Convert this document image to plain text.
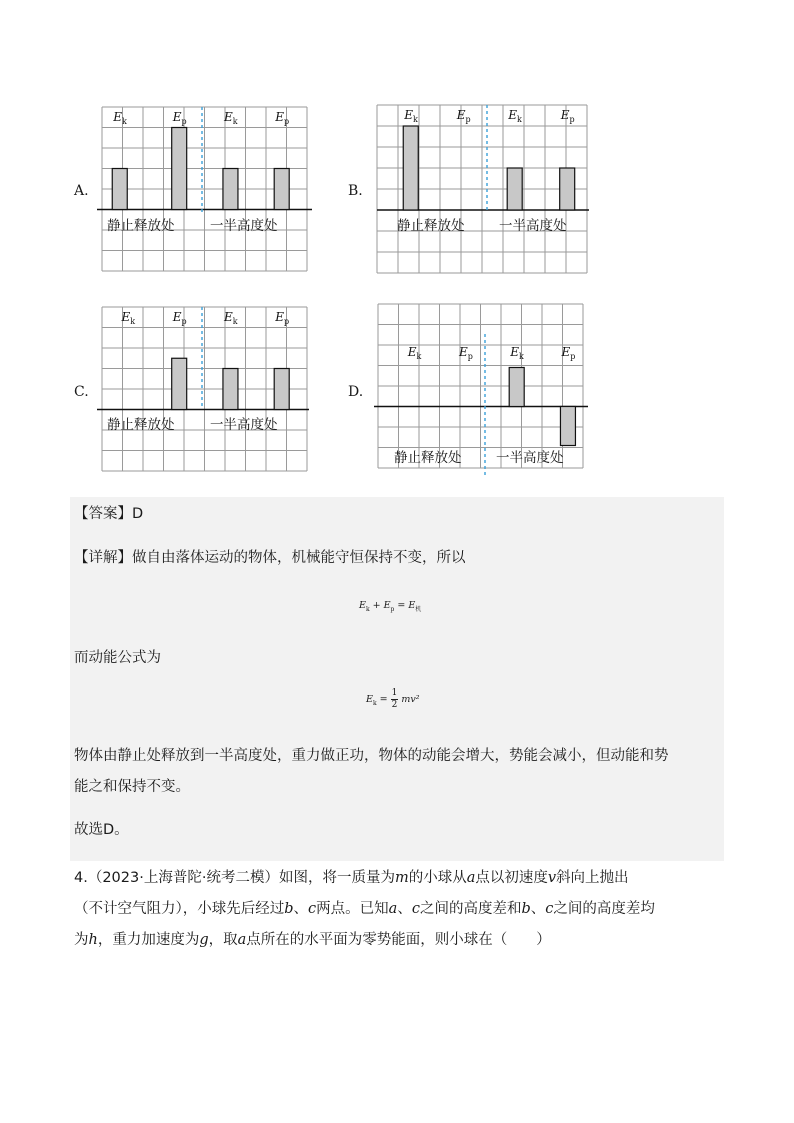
A.
$E_k$	$E_p$	$E_k$	$E_p$
静止释放处	一半高度处
B.
$E_k$	$E_p$	$E_k$	$E_p$
静止释放处	一半高度处
C.
$E_k$	$E_p$	$E_k$	$E_p$
静止释放处	一半高度处
D.
$E_k$	$E_p$	$E_k$	$E_p$
静止释放处	一半高度处
【答案】D
【详解】做自由落体运动的物体，机械能守恒保持不变，所以
$E_k + E_p = E_机$
而动能公式为
$E_k = \frac{1}{2} mv^2$
物体由静止处释放到一半高度处，重力做正功，物体的动能会增大，势能会减小，但动能和势
能之和保持不变。
故选D。
4.（2023·上海普陀·统考二模）如图，将一质量为m的小球从a点以初速度v斜向上抛出
（不计空气阻力），小球先后经过b、c两点。已知a、c之间的高度差和b、c之间的高度差均
为h，重力加速度为g，取a点所在的水平面为零势能面，则小球在（　　）
